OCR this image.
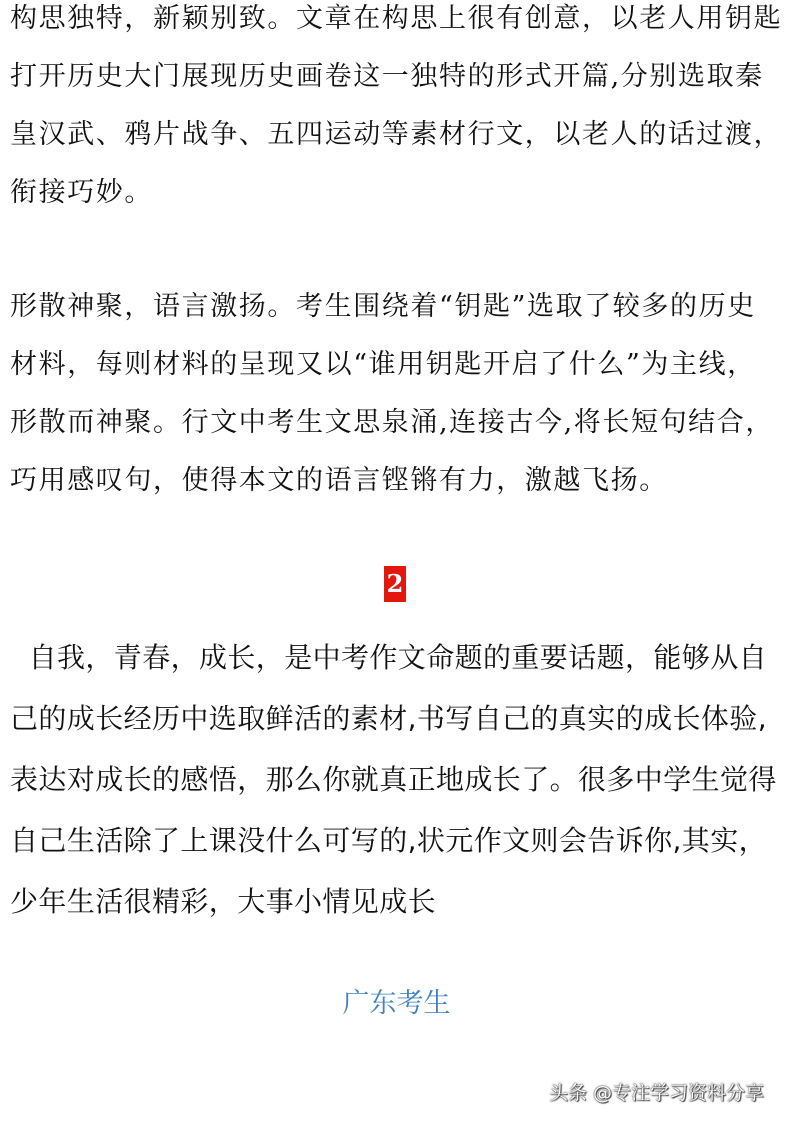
构思独特，新颖别致。文章在构思上很有创意，以老人用钥匙
打开历史大门展现历史画卷这一独特的形式开篇,分别选取秦
皇汉武、鸦片战争、五四运动等素材行文，以老人的话过渡，
衔接巧妙。
形散神聚，语言激扬。考生围绕着“钥匙”选取了较多的历史
材料，每则材料的呈现又以“谁用钥匙开启了什么”为主线，
形散而神聚。行文中考生文思泉涌,连接古今,将长短句结合，
巧用感叹句，使得本文的语言铿锵有力，激越飞扬。
2
自我，青春，成长，是中考作文命题的重要话题，能够从自
己的成长经历中选取鲜活的素材,书写自己的真实的成长体验,
表达对成长的感悟，那么你就真正地成长了。很多中学生觉得
自己生活除了上课没什么可写的,状元作文则会告诉你,其实，
少年生活很精彩，大事小情见成长
广东考生
头条 @专注学习资料分享
